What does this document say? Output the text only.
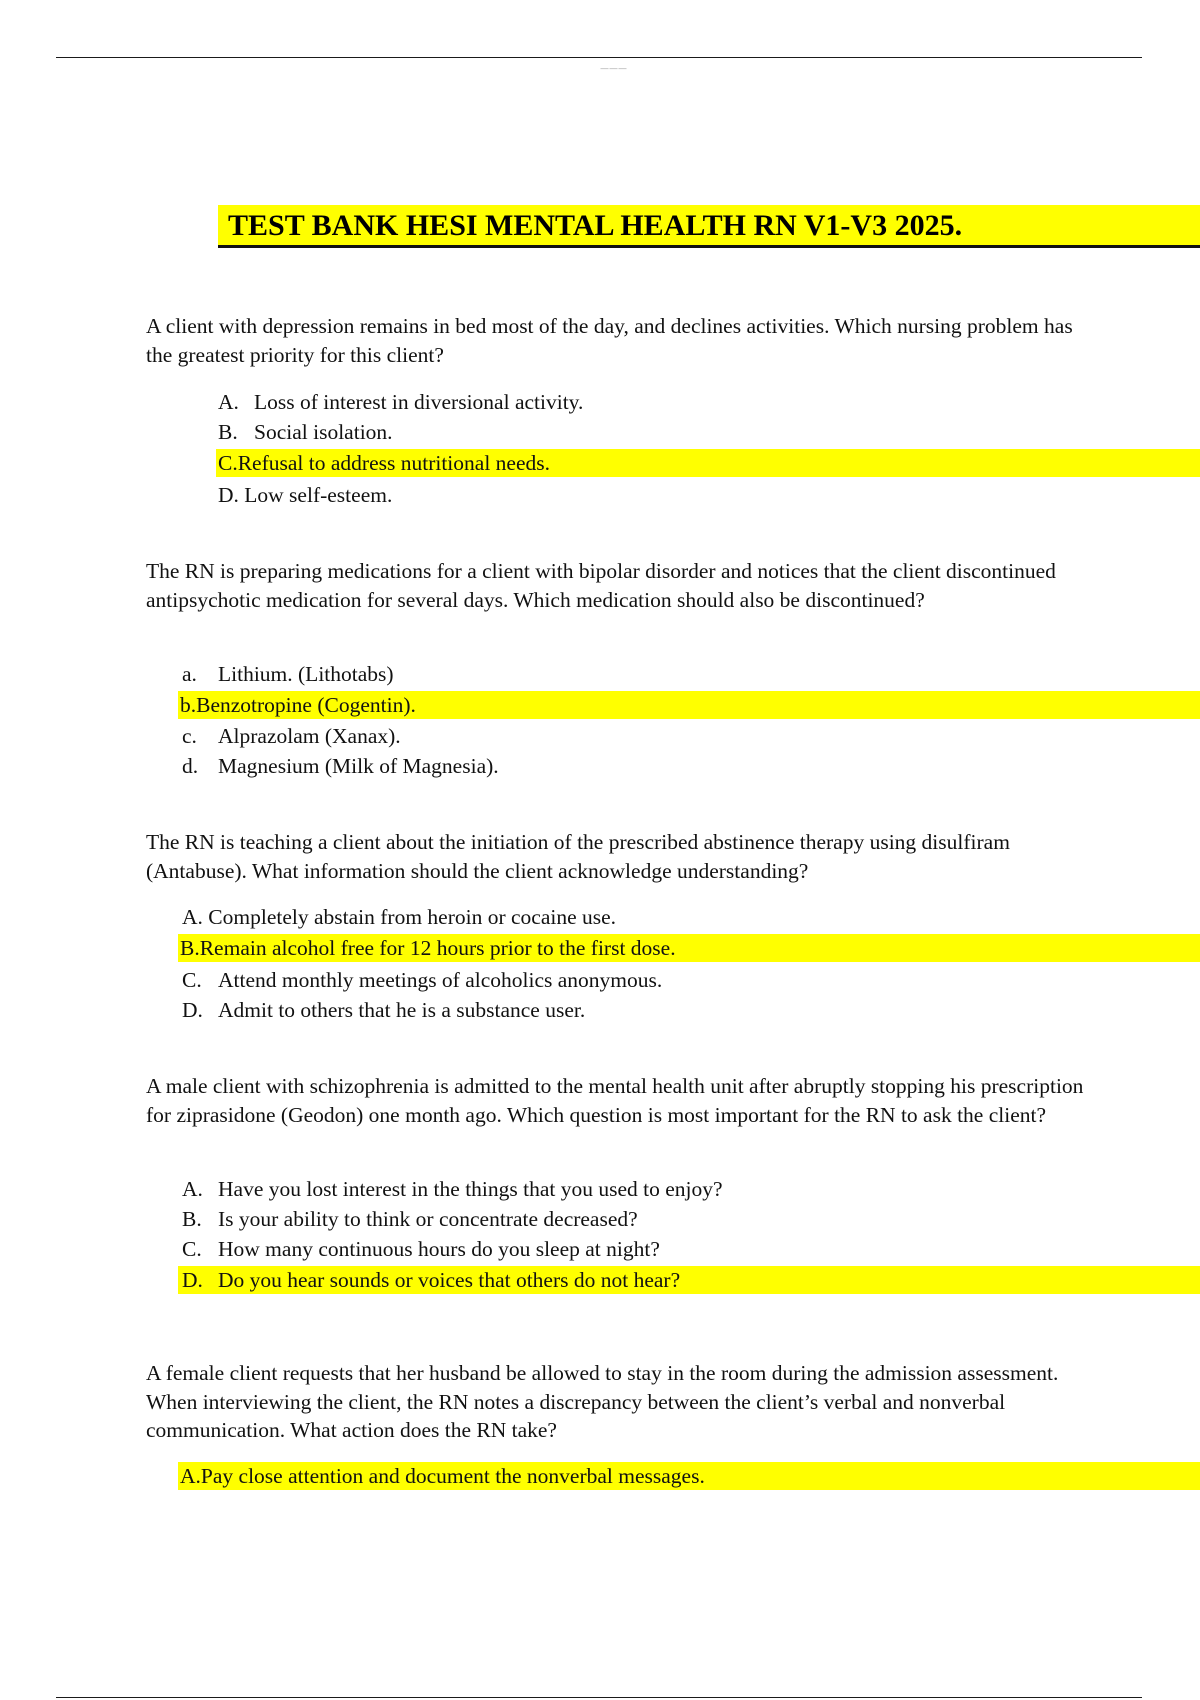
———
TEST BANK HESI MENTAL HEALTH RN V1-V3 2025.

A client with depression remains in bed most of the day, and declines activities. Which nursing problem has the greatest priority for this client?

A. Loss of interest in diversional activity.
B. Social isolation.
C.Refusal to address nutritional needs.
D. Low self-esteem.

The RN is preparing medications for a client with bipolar disorder and notices that the client discontinued antipsychotic medication for several days. Which medication should also be discontinued?

a. Lithium. (Lithotabs)
b.Benzotropine (Cogentin).
c. Alprazolam (Xanax).
d. Magnesium (Milk of Magnesia).

The RN is teaching a client about the initiation of the prescribed abstinence therapy using disulfiram (Antabuse). What information should the client acknowledge understanding?

A. Completely abstain from heroin or cocaine use.
B.Remain alcohol free for 12 hours prior to the first dose.
C. Attend monthly meetings of alcoholics anonymous.
D. Admit to others that he is a substance user.

A male client with schizophrenia is admitted to the mental health unit after abruptly stopping his prescription for ziprasidone (Geodon) one month ago. Which question is most important for the RN to ask the client?

A. Have you lost interest in the things that you used to enjoy?
B. Is your ability to think or concentrate decreased?
C. How many continuous hours do you sleep at night?
D. Do you hear sounds or voices that others do not hear?

A female client requests that her husband be allowed to stay in the room during the admission assessment. When interviewing the client, the RN notes a discrepancy between the client’s verbal and nonverbal communication. What action does the RN take?

A.Pay close attention and document the nonverbal messages.
